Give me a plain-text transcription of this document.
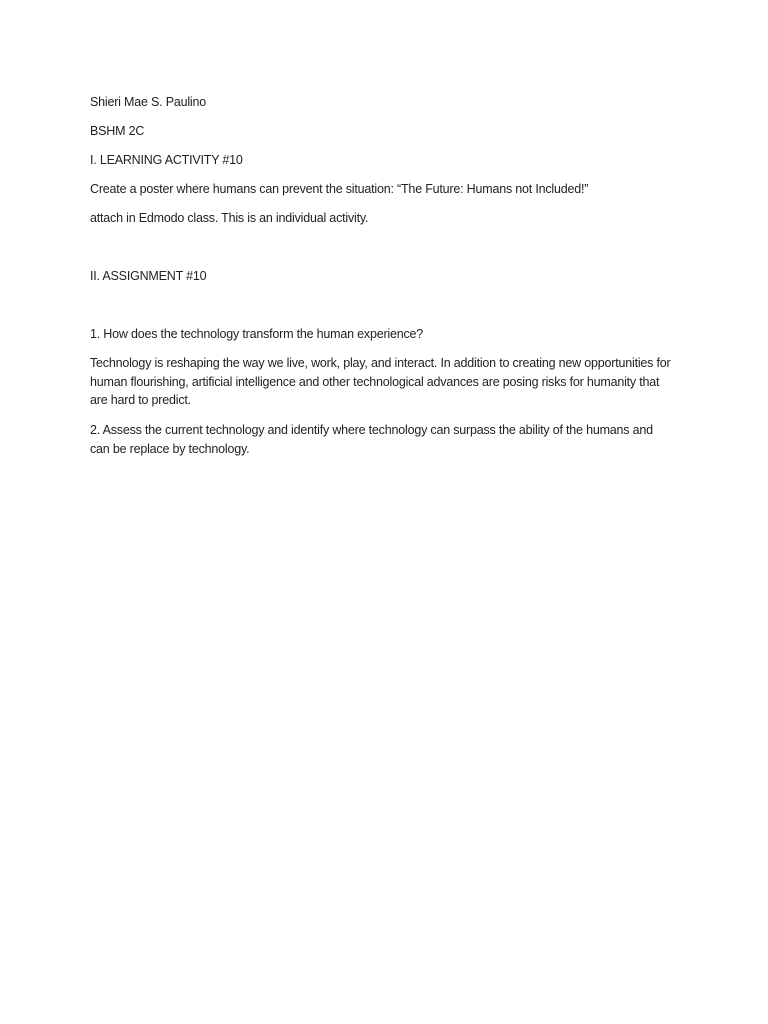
Shieri Mae S. Paulino

BSHM 2C

I. LEARNING ACTIVITY #10

Create a poster where humans can prevent the situation: “The Future: Humans not Included!”

attach in Edmodo class. This is an individual activity.

II. ASSIGNMENT #10

1. How does the technology transform the human experience?

Technology is reshaping the way we live, work, play, and interact. In addition to creating new opportunities for human flourishing, artificial intelligence and other technological advances are posing risks for humanity that are hard to predict.

2. Assess the current technology and identify where technology can surpass the ability of the humans and can be replace by technology.
